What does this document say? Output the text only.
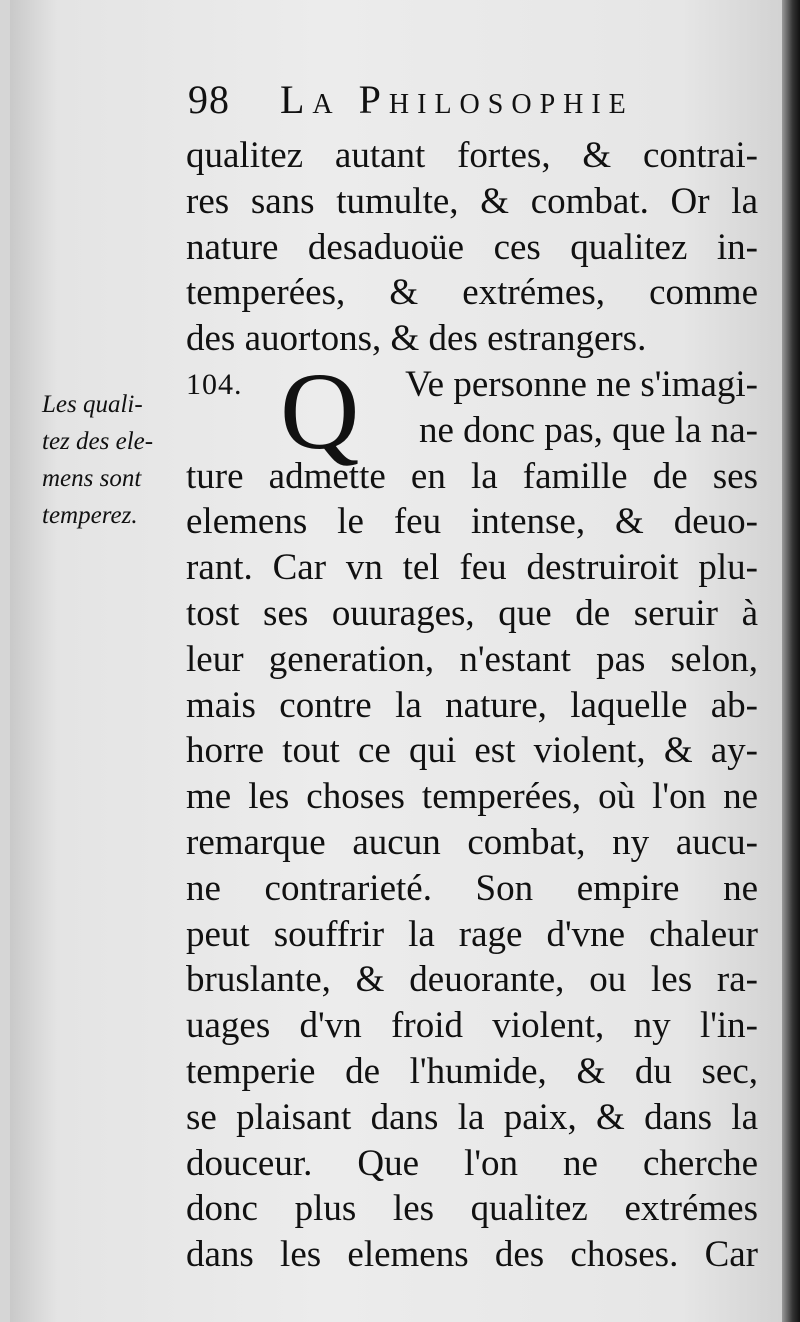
98 La Philosophie
Les quali-
tez des ele-
mens sont
temperez.
qualitez autant fortes, & contrai-
res sans tumulte, & combat. Or la
nature desaduoüe ces qualitez in-
temperées, & extrémes, comme
des auortons, & des estrangers.
104.	Ve personne ne s'imagi-
ne donc pas, que la na-
ture admette en la famille de ses
elemens le feu intense, & deuo-
rant. Car vn tel feu destruiroit plu-
tost ses ouurages, que de seruir à
leur generation, n'estant pas selon,
mais contre la nature, laquelle ab-
horre tout ce qui est violent, & ay-
me les choses temperées, où l'on ne
remarque aucun combat, ny aucu-
ne contrarieté. Son empire ne
peut souffrir la rage d'vne chaleur
bruslante, & deuorante, ou les ra-
uages d'vn froid violent, ny l'in-
temperie de l'humide, & du sec,
se plaisant dans la paix, & dans la
douceur. Que l'on ne cherche
donc plus les qualitez extrémes
dans les elemens des choses. Car
Q
